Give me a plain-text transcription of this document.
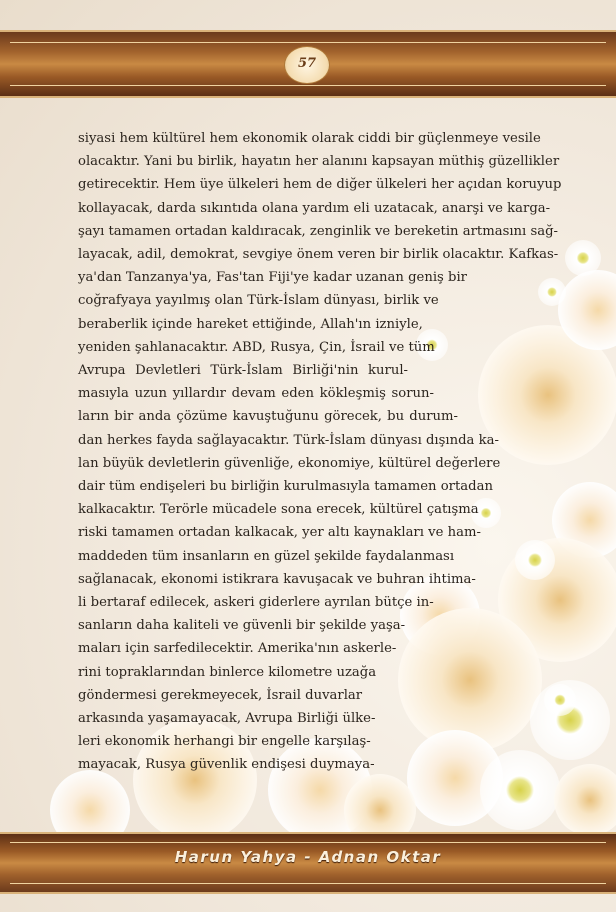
57
Harun Yahya - Adnan Oktar
siyasi hem kültürel hem ekonomik olarak ciddi bir güçlenmeye vesile
olacaktır. Yani bu birlik, hayatın her alanını kapsayan müthiş güzellikler
getirecektir. Hem üye ülkeleri hem de diğer ülkeleri her açıdan koruyup
kollayacak, darda sıkıntıda olana yardım eli uzatacak, anarşi ve karga-
şayı tamamen ortadan kaldıracak, zenginlik ve bereketin artmasını sağ-
layacak, adil, demokrat, sevgiye önem veren bir birlik olacaktır. Kafkas-
ya'dan Tanzanya'ya, Fas'tan Fiji'ye kadar uzanan geniş bir
coğrafyaya yayılmış olan Türk-İslam dünyası, birlik ve
beraberlik içinde hareket ettiğinde, Allah'ın izniyle,
yeniden şahlanacaktır. ABD, Rusya, Çin, İsrail ve tüm
Avrupa Devletleri Türk-İslam Birliği'nin kurul-
masıyla uzun yıllardır devam eden kökleşmiş sorun-
ların bir anda çözüme kavuştuğunu görecek, bu durum-
dan herkes fayda sağlayacaktır. Türk-İslam dünyası dışında ka-
lan büyük devletlerin güvenliğe, ekonomiye, kültürel değerlere
dair tüm endişeleri bu birliğin kurulmasıyla tamamen ortadan
kalkacaktır. Terörle mücadele sona erecek, kültürel çatışma
riski tamamen ortadan kalkacak, yer altı kaynakları ve ham-
maddeden tüm insanların en güzel şekilde faydalanması
sağlanacak, ekonomi istikrara kavuşacak ve buhran ihtima-
li bertaraf edilecek, askeri giderlere ayrılan bütçe in-
sanların daha kaliteli ve güvenli bir şekilde yaşa-
maları için sarfedilecektir. Amerika'nın askerle-
rini topraklarından binlerce kilometre uzağa
göndermesi gerekmeyecek, İsrail duvarlar
arkasında yaşamayacak, Avrupa Birliği ülke-
leri ekonomik herhangi bir engelle karşılaş-
mayacak, Rusya güvenlik endişesi duymaya-
